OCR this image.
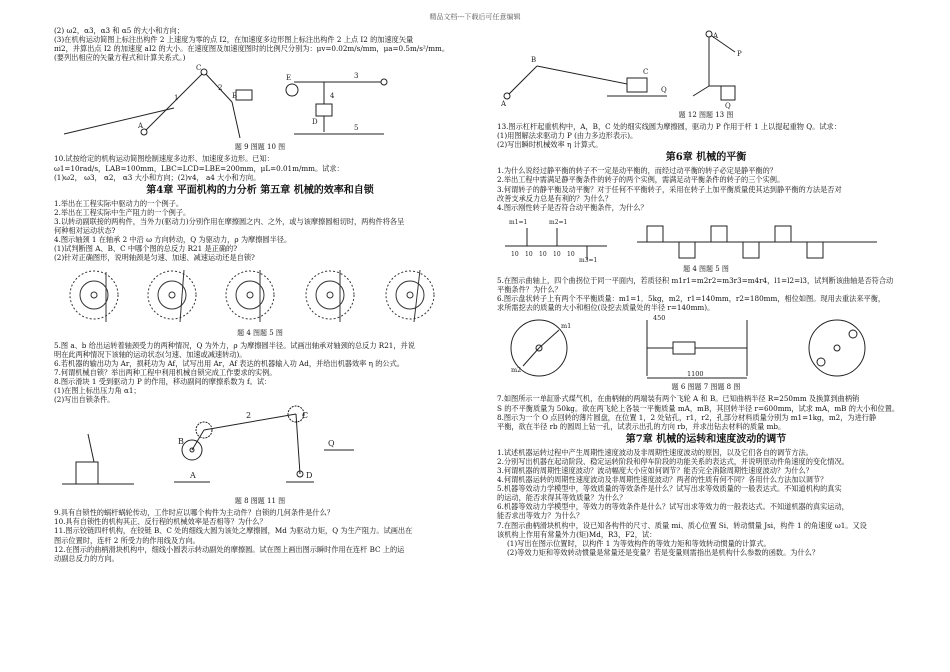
精品文档---下载后可任意编辑

(2) ω2，α3，α3 和 α5 的大小和方向；

(3)在机构运动简图上标注出构件 2 上速度为零的点 I2，在加速度多边形图上标注出构件 2 上点 I2 的加速度矢量

πi2，并算出点 I2 的加速度 aI2 的大小。在速度图及加速度图时的比例尺分别为：μv=0.02m/s/mm，μa=0.5m/s²/mm。

(要列出相应的矢量方程式和计算关系式。)

C
A
B
D
E
1
2
3
4
5

题 9 图题 10 图

10.试按给定的机构运动简图绘制速度多边形、加速度多边形。已知：

ω1=10rad/s，LAB=100mm，LBC=LCD=LBE=200mm，μL=0.01m/mm。试求：

(1)ω2， ω3， α2， α3 大小和方向；(2)v4， a4 大小和方向。

第4章 平面机构的力分析 第五章 机械的效率和自锁

1.举出在工程实际中驱动力的一个例子。

2.举出在工程实际中生产阻力的一个例子。

3.以转动副联接的两构件，当外力(驱动力)分别作用在摩擦圆之内、之外，或与该摩擦圆相切时，两构件将各呈

何种相对运动状态?

4.图示轴颈 1 在轴承 2 中沿 ω 方向转动，Q 为驱动力，ρ 为摩擦圆半径。

(1)试判断图 A、B、C 中哪个图的总反力 R21 是正确的?

(2)针对正确图形，说明轴颈是匀速、加速、减速运动还是自锁?

题 4 图题 5 图

5.图 a、b 给出运转着轴颈受力的两种情况，Q 为外力，ρ 为摩擦圆半径。试画出轴承对轴颈的总反力 R21，并说

明在此两种情况下该轴的运动状态(匀速、加速或减速转动)。

6.若机器的输出功为 Ar，损耗功为 Af，试写出用 Ar，Af 表达的机器输入功 Ad，并给出机器效率 η 的公式。

7.何谓机械自锁？举出两种工程中利用机械自锁完成工作要求的实例。

8.图示滑块 1 受到驱动力 P 的作用，移动副间的摩擦系数为 f。试：

(1)在图上标出压力角 α1；

(2)写出自锁条件。

B
2	C
Q
A	D

题 8 图题 11 图

9.具有自锁性的蜗杆蜗轮传动，工作时应以哪个构件为主动件？自锁的几何条件是什么？

10.具有自锁性的机构其正、反行程的机械效率是否相等？为什么？

11.图示铰链四杆机构，在铰链 B、C 处的细线大圆为该处之摩擦圆，Md 为驱动力矩，Q 为生产阻力。试画出在

图示位置时，连杆 2 所受力的作用线及方向。

12.在图示的曲柄滑块机构中，细线小圆表示转动副处的摩擦圆。试在图上画出图示瞬时作用在连杆 BC 上的运

动副总反力的方向。

A
B
C
Q
A
P
Q

题 12 图题 13 图

13.图示杠杆起重机构中，A，B，C 处的细实线圆为摩擦圆，驱动力 P 作用于杆 1 上以提起重物 Q。试求：

(1)用图解法求驱动力 P (由力多边形表示)。

(2)写出瞬时机械效率 η 计算式。

第6章 机械的平衡

1.为什么说经过静平衡的转子不一定是动平衡的，而经过动平衡的转子必定是静平衡的？

2.举出工程中需满足静平衡条件的转子的两个实例，需满足动平衡条件的转子的三个实例。

3.何谓转子的静平衡及动平衡？对于任何不平衡转子，采用在转子上加平衡质量使其达到静平衡的方法是否对

改善支承反力总是有利的？为什么？

4.图示刚性转子是否符合动平衡条件，为什么？

m1=1	m2=1
m3=1
10 10 10 10 10

题 4 图题 5 图

5.在图示曲轴上，四个曲拐位于同一平面内，若质径积 m1r1=m2r2=m3r3=m4r4，l1=l2=l3，试判断该曲轴是否符合动

平衡条件？为什么？

6.图示盘状转子上有两个不平衡质量：m1=1．5kg，m2，r1=140mm，r2=180mm，相位如图。现用去重法来平衡，

求所需挖去的质量的大小和相位(设挖去质量处的半径 r=140mm)。

450
1100
m1
m2

题 6 图题 7 图题 8 图

7.如图所示一单缸卧式煤气机，在曲柄轴的两端装有两个飞轮 A 和 B。已知曲柄半径 R=250mm 及换算到曲柄销

S 的不平衡质量为 50kg。欲在两飞轮上各装一平衡质量 mA，mB，其回转半径 r=600mm，试求 mA，mB 的大小和位置。

8.图示为一个 O 点回转的薄片圆盘，在位置 1，2 处钻孔，r1，r2，孔部分材料质量分别为 m1=1kg，m2，为进行静

平衡，欲在半径 rb 的圆周上钻一孔，试表示出孔的方向 rb，并求出钻去材料的质量 mb。

第7章 机械的运转和速度波动的调节

1.试述机器运转过程中产生周期性速度波动及非周期性速度波动的原因，以及它们各自的调节方法。

2.分别写出机器在起动阶段、稳定运转阶段和停车阶段的功能关系的表达式，并说明原动件角速度的变化情况。

3.何谓机器的周期性速度波动？波动幅度大小应如何调节？能否完全消除周期性速度波动？为什么？

4.何谓机器运转的周期性速度波动及非周期性速度波动？两者的性质有何不同？各用什么方法加以调节？

5.机器等效动力学模型中，等效质量的等效条件是什么？试写出求等效质量的一般表达式。不知道机构的真实

的运动，能否求得其等效质量？为什么？

6.机器等效动力学模型中，等效力的等效条件是什么？试写出求等效力的一般表达式。不知道机器的真实运动，

能否求出等效力？为什么？

7.在图示曲柄滑块机构中，设已知各构件的尺寸、质量 mi、质心位置 Si、转动惯量 Jsi，构件 1 的角速度 ω1。又设

该机构上作用有常量外力(矩)Md，R3，F2，试：

(1)写出在图示位置时，以构件 1 为等效构件的等效力矩和等效转动惯量的计算式。

(2)等效力矩和等效转动惯量是常量还是变量？若是变量则需指出是机构什么参数的函数。为什么？
